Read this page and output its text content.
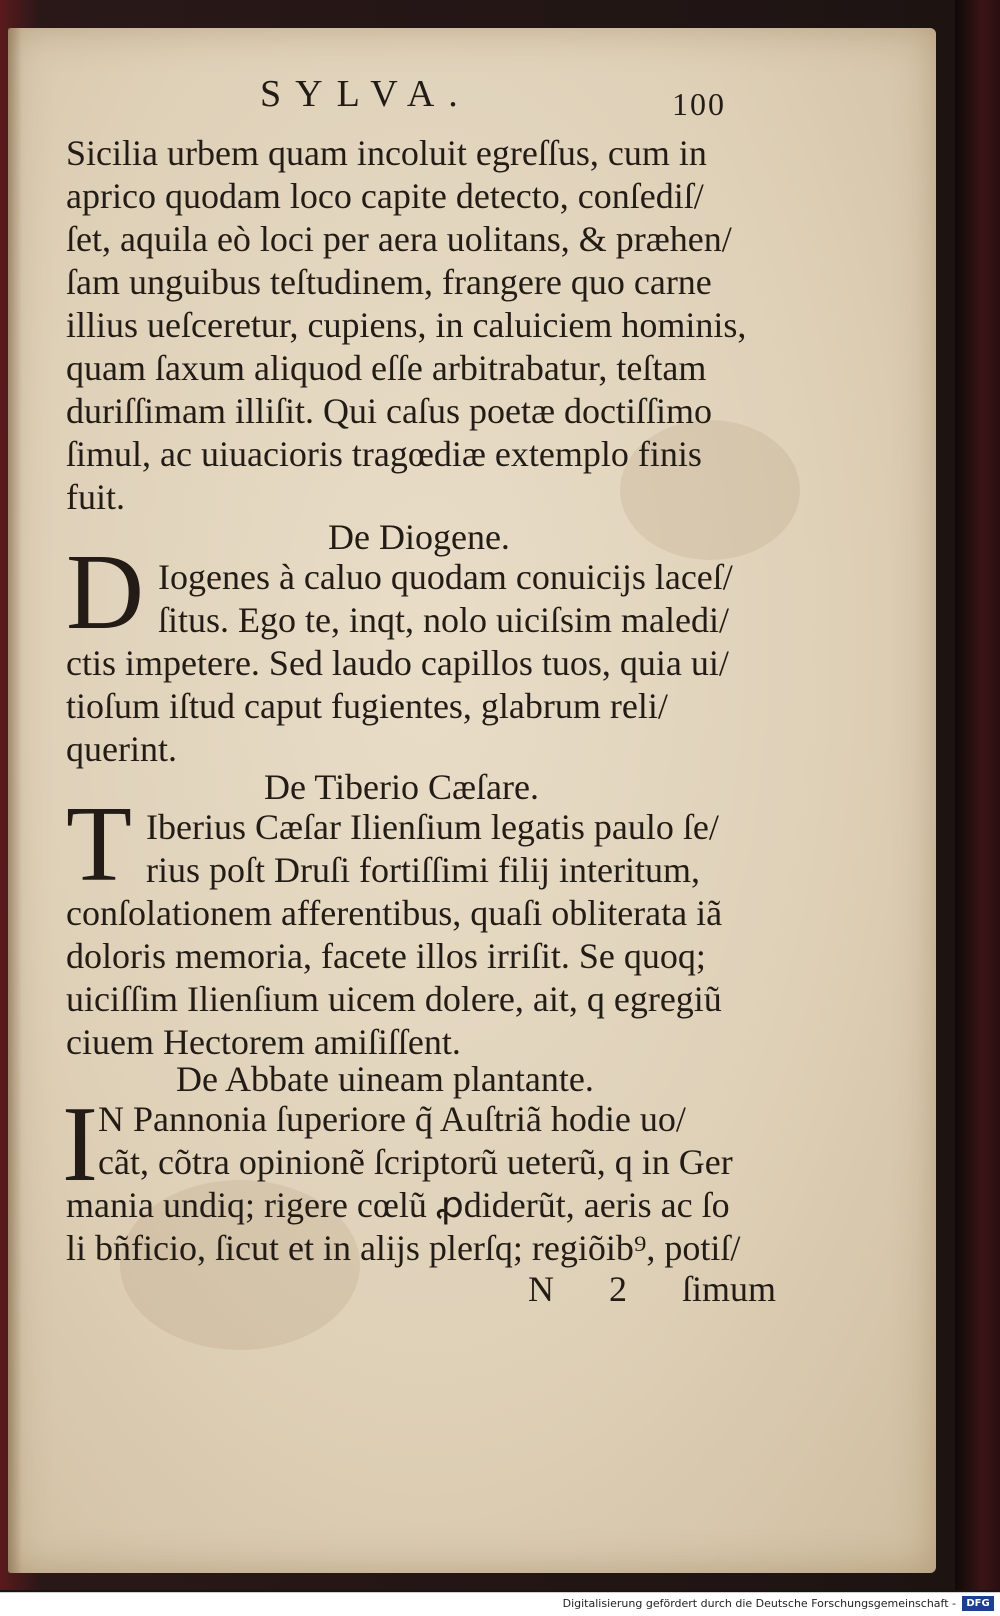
SYLVA.	100
Sicilia urbem quam incoluit egreſſus, cum in
aprico quodam loco capite detecto, conſediſ/
ſet, aquila eò loci per aera uolitans, & præhen/
ſam unguibus teſtudinem, frangere quo carne
illius ueſceretur, cupiens, in caluiciem hominis,
quam ſaxum aliquod eſſe arbitrabatur, teſtam
duriſſimam illiſit. Qui caſus poetæ doctiſſimo
ſimul, ac uiuacioris tragœdiæ extemplo finis
fuit.
De Diogene.
D Iogenes à caluo quodam conuicijs laceſ/
ſitus. Ego te, inqt, nolo uiciſsim maledi/
ctis impetere. Sed laudo capillos tuos, quia ui/
tioſum iſtud caput fugientes, glabrum reli/
querint.
De Tiberio Cæſare.
T Iberius Cæſar Ilienſium legatis paulo ſe/
rius poſt Druſi fortiſſimi filij interitum,
conſolationem afferentibus, quaſi obliterata iã
doloris memoria, facete illos irriſit. Se quoq;
uiciſſim Ilienſium uicem dolere, ait, q egregiũ
ciuem Hectorem amiſiſſent.
De Abbate uineam plantante.
I N Pannonia ſuperiore q̃ Auſtriã hodie uo/
cãt, cõtra opinionẽ ſcriptorũ ueterũ, q in Ger
mania undiq; rigere cœlũ ꝓdiderũt, aeris ac ſo
li bñficio, ſicut et in alijs plerſq; regiõib⁹, potiſ/
N 2 ſimum
Digitalisierung gefördert durch die Deutsche Forschungsgemeinschaft -	DFG
